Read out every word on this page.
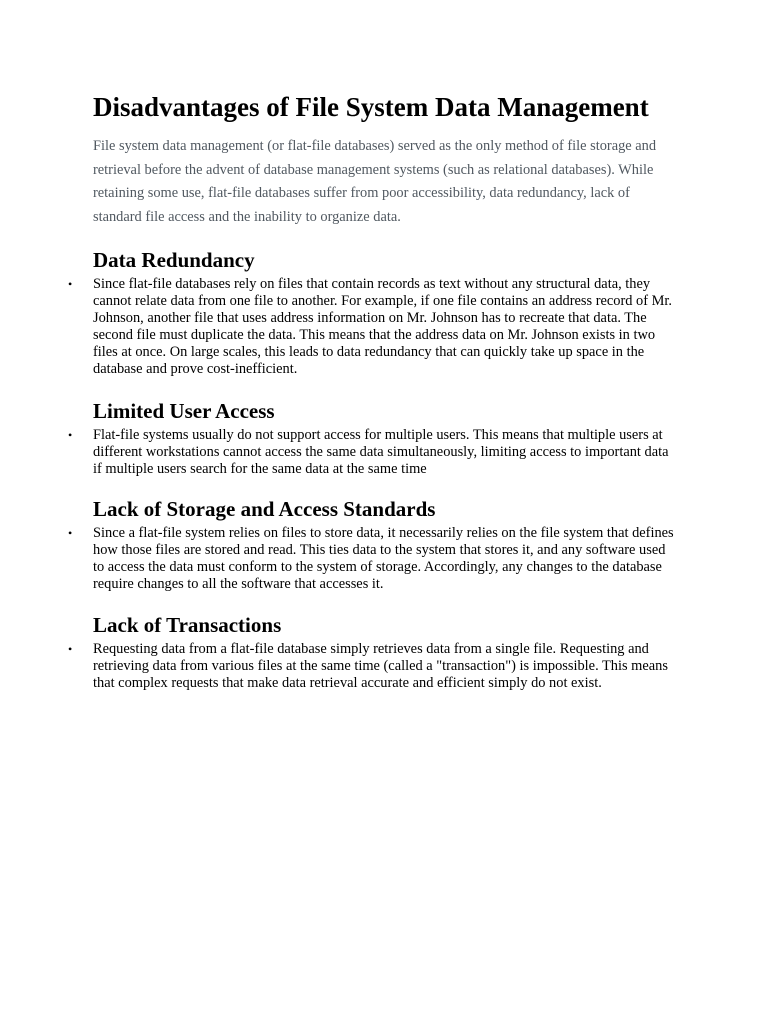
Disadvantages of File System Data Management

File system data management (or flat-file databases) served as the only method of file storage and retrieval before the advent of database management systems (such as relational databases). While retaining some use, flat-file databases suffer from poor accessibility, data redundancy, lack of standard file access and the inability to organize data.

Data Redundancy
•	Since flat-file databases rely on files that contain records as text without any structural data, they cannot relate data from one file to another. For example, if one file contains an address record of Mr. Johnson, another file that uses address information on Mr. Johnson has to recreate that data. The second file must duplicate the data. This means that the address data on Mr. Johnson exists in two files at once. On large scales, this leads to data redundancy that can quickly take up space in the database and prove cost-inefficient.
Limited User Access
•	Flat-file systems usually do not support access for multiple users. This means that multiple users at different workstations cannot access the same data simultaneously, limiting access to important data if multiple users search for the same data at the same time
Lack of Storage and Access Standards
•	Since a flat-file system relies on files to store data, it necessarily relies on the file system that defines how those files are stored and read. This ties data to the system that stores it, and any software used to access the data must conform to the system of storage. Accordingly, any changes to the database require changes to all the software that accesses it.
Lack of Transactions
•	Requesting data from a flat-file database simply retrieves data from a single file. Requesting and retrieving data from various files at the same time (called a "transaction") is impossible. This means that complex requests that make data retrieval accurate and efficient simply do not exist.
